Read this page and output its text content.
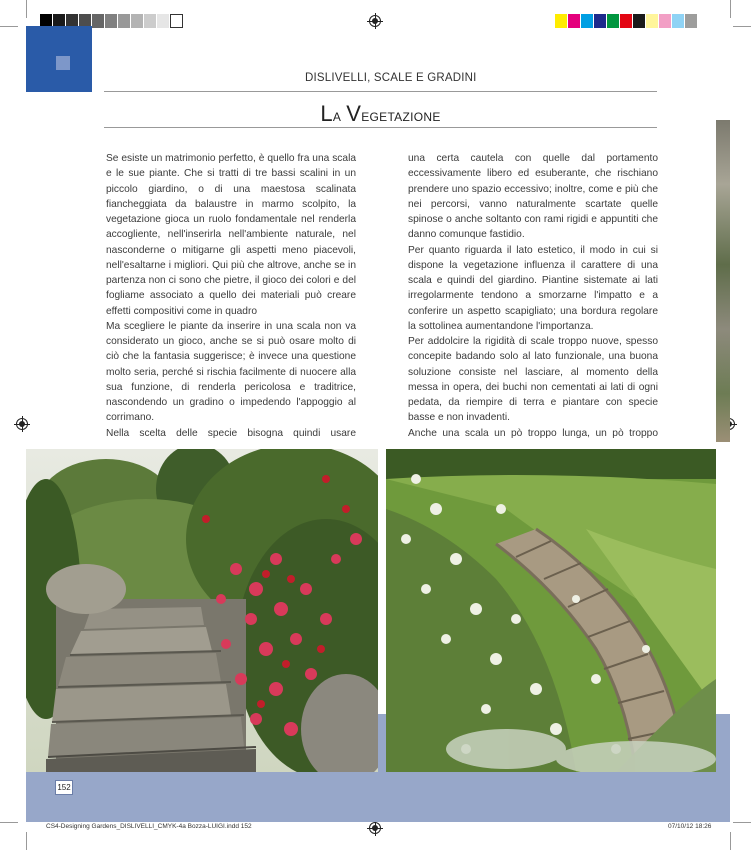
DISLIVELLI, SCALE E GRADINI
La Vegetazione

Se esiste un matrimonio perfetto, è quello fra una scala e le sue piante. Che si tratti di tre bassi scalini in un piccolo giardino, o di una maestosa scalinata fiancheggiata da balaustre in marmo scolpito, la vegetazione gioca un ruolo fondamentale nel renderla accogliente, nell'inserirla nell'ambiente naturale, nel nasconderne o mitigarne gli aspetti meno piacevoli, nell'esaltarne i migliori. Qui più che altrove, anche se in partenza non ci sono che pietre, il gioco dei colori e del fogliame associato a quello dei materiali può creare effetti compositivi come in quadro

Ma scegliere le piante da inserire in una scala non va considerato un gioco, anche se si può osare molto di ciò che la fantasia suggerisce; è invece una questione molto seria, perché si rischia facilmente di nuocere alla sua funzione, di renderla pericolosa e traditrice, nascondendo un gradino o impedendo l'appoggio al corrimano.

Nella scelta delle specie bisogna quindi usare

una certa cautela con quelle dal portamento eccessivamente libero ed esuberante, che rischiano prendere uno spazio eccessivo; inoltre, come e più che nei percorsi, vanno naturalmente scartate quelle spinose o anche soltanto con rami rigidi e appuntiti che danno comunque fastidio.

Per quanto riguarda il lato estetico, il modo in cui si dispone la vegetazione influenza il carattere di una scala e quindi del giardino. Piantine sistemate ai lati irregolarmente tendono a smorzarne l'impatto e a conferire un aspetto scapigliato; una bordura regolare la sottolinea aumentandone l'importanza.

Per addolcire la rigidità di scale troppo nuove, spesso concepite badando solo al lato funzionale, una buona soluzione consiste nel lasciare, al momento della messa in opera, dei buchi non cementati ai lati di ogni pedata, da riempire di terra e piantare con specie basse e non invadenti.

Anche una scala un pò troppo lunga, un pò troppo

152
CS4-Designing Gardens_DISLIVELLI_CMYK-4a Bozza-LUIGI.indd 152	07/10/12 18:26
